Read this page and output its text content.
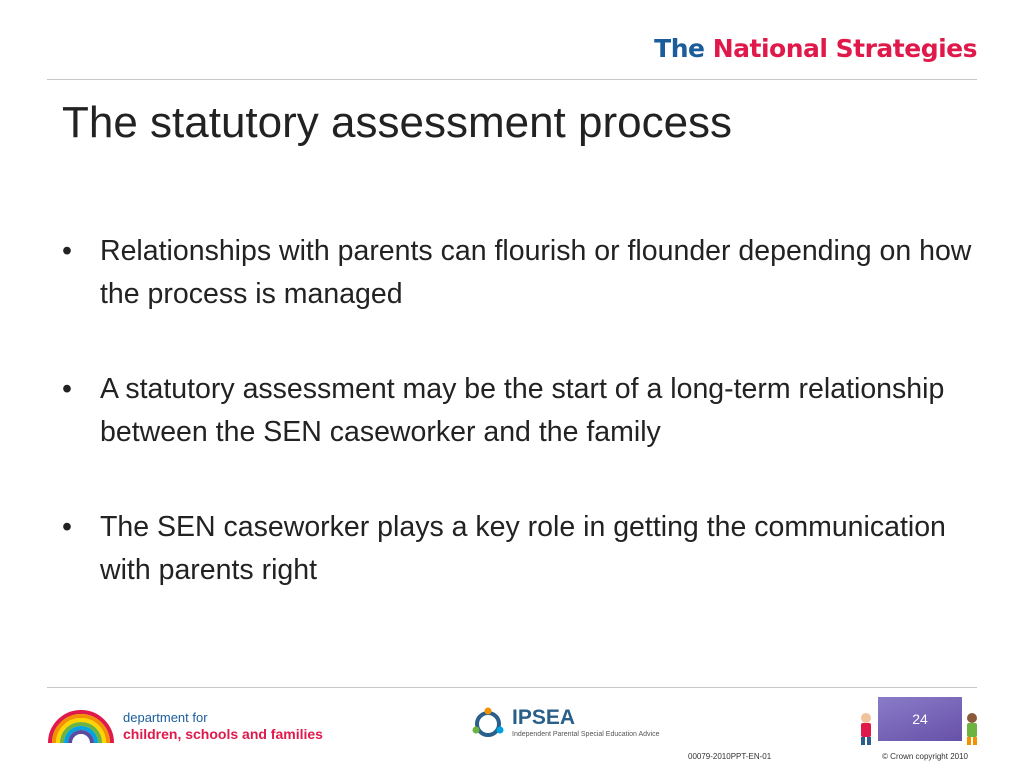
The National Strategies
The statutory assessment process
• Relationships with parents can flourish or flounder depending on how the process is managed
• A statutory assessment may be the start of a long-term relationship between the SEN caseworker and the family
• The SEN caseworker plays a key role in getting the communication with parents right
department for
children, schools and families
IPSEA
Independent Parental Special Education Advice
24
00079-2010PPT-EN-01	© Crown copyright 2010
